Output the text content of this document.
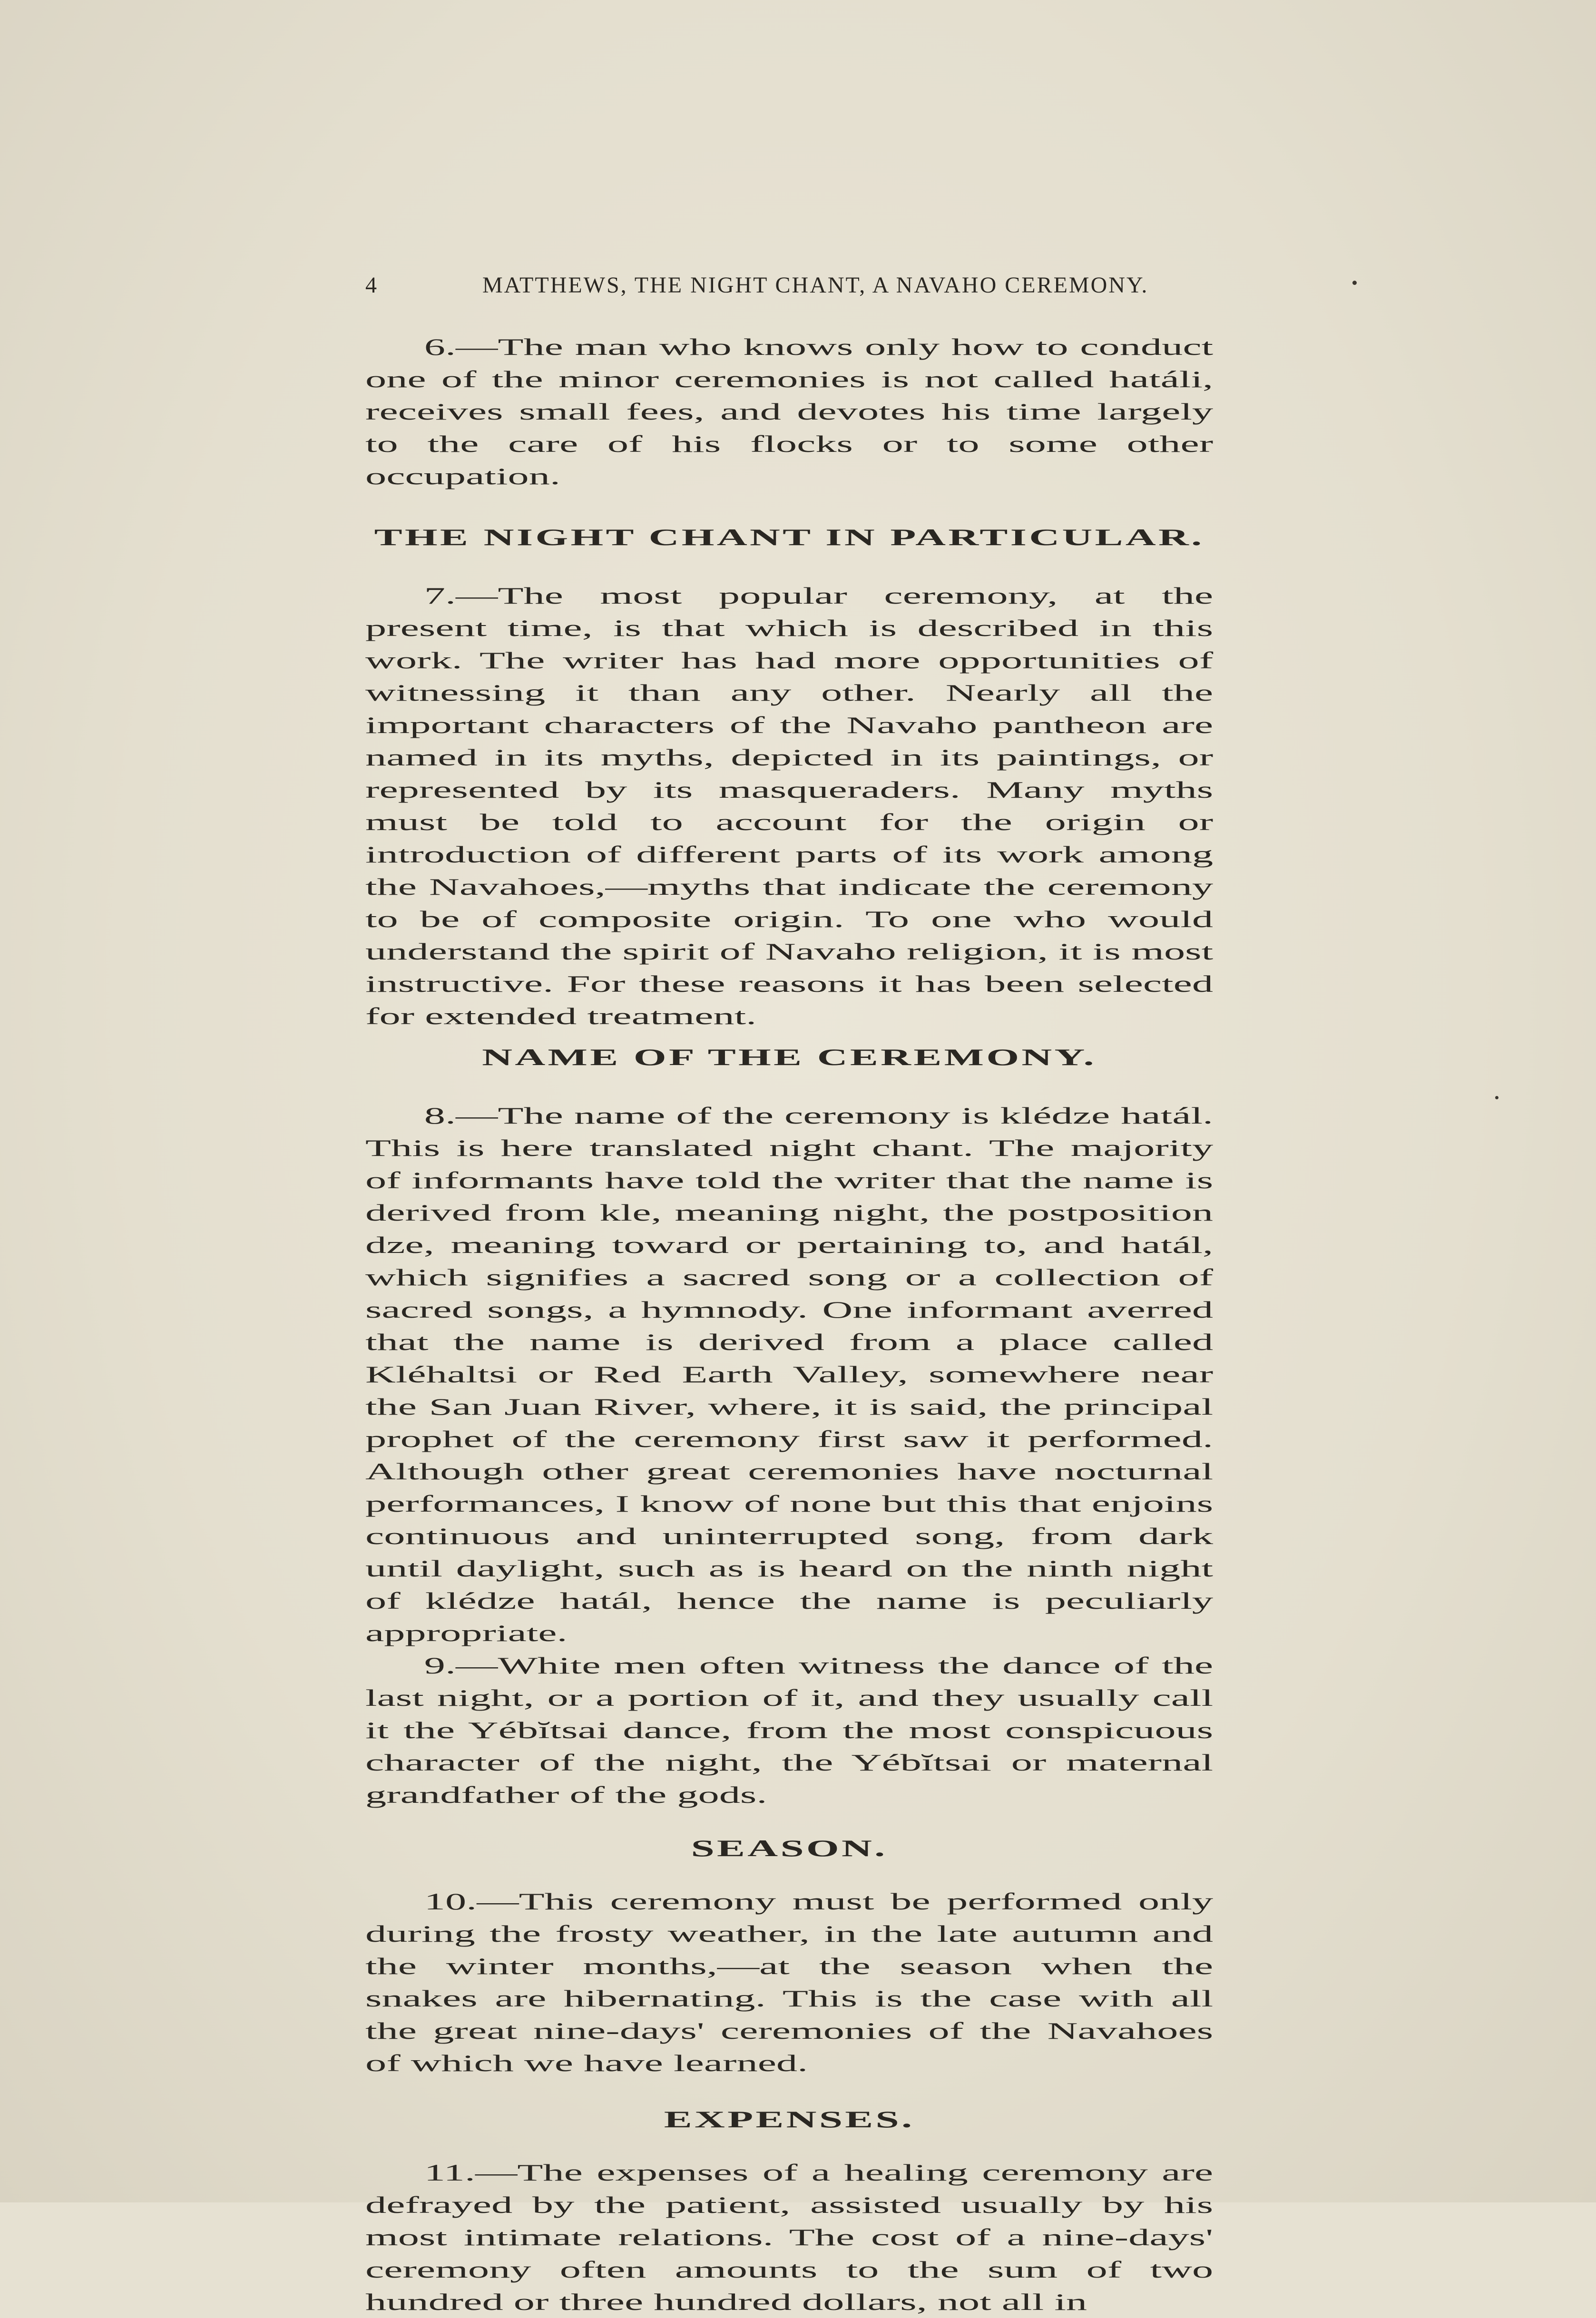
4	MATTHEWS, THE NIGHT CHANT, A NAVAHO CEREMONY.

6.—The man who knows only how to conduct one of the minor ceremonies is not called hatáli, receives small fees, and devotes his time largely to the care of his flocks or to some other occupation.

THE NIGHT CHANT IN PARTICULAR.

7.—The most popular ceremony, at the present time, is that which is described in this work. The writer has had more opportunities of witnessing it than any other. Nearly all the important characters of the Navaho pantheon are named in its myths, depicted in its paintings, or represented by its masqueraders. Many myths must be told to account for the origin or introduction of different parts of its work among the Navahoes,—myths that indicate the ceremony to be of composite origin. To one who would understand the spirit of Navaho religion, it is most instructive. For these reasons it has been selected for extended treatment.

NAME OF THE CEREMONY.

8.—The name of the ceremony is klédze hatál. This is here translated night chant. The majority of informants have told the writer that the name is derived from kle, meaning night, the postposition dze, meaning toward or pertaining to, and hatál, which signifies a sacred song or a collection of sacred songs, a hymnody. One informant averred that the name is derived from a place called Kléhaltsi or Red Earth Valley, somewhere near the San Juan River, where, it is said, the principal prophet of the ceremony first saw it performed. Although other great ceremonies have nocturnal performances, I know of none but this that enjoins continuous and uninterrupted song, from dark until daylight, such as is heard on the ninth night of klédze hatál, hence the name is peculiarly appropriate.

9.—White men often witness the dance of the last night, or a portion of it, and they usually call it the Yébĭtsai dance, from the most conspicuous character of the night, the Yébĭtsai or maternal grandfather of the gods.

SEASON.

10.—This ceremony must be performed only during the frosty weather, in the late autumn and the winter months,—at the season when the snakes are hibernating. This is the case with all the great nine-days' ceremonies of the Navahoes of which we have learned.

EXPENSES.

11.—The expenses of a healing ceremony are defrayed by the patient, assisted usually by his most intimate relations. The cost of a nine-days' ceremony often amounts to the sum of two hundred or three hundred dollars, not all in
